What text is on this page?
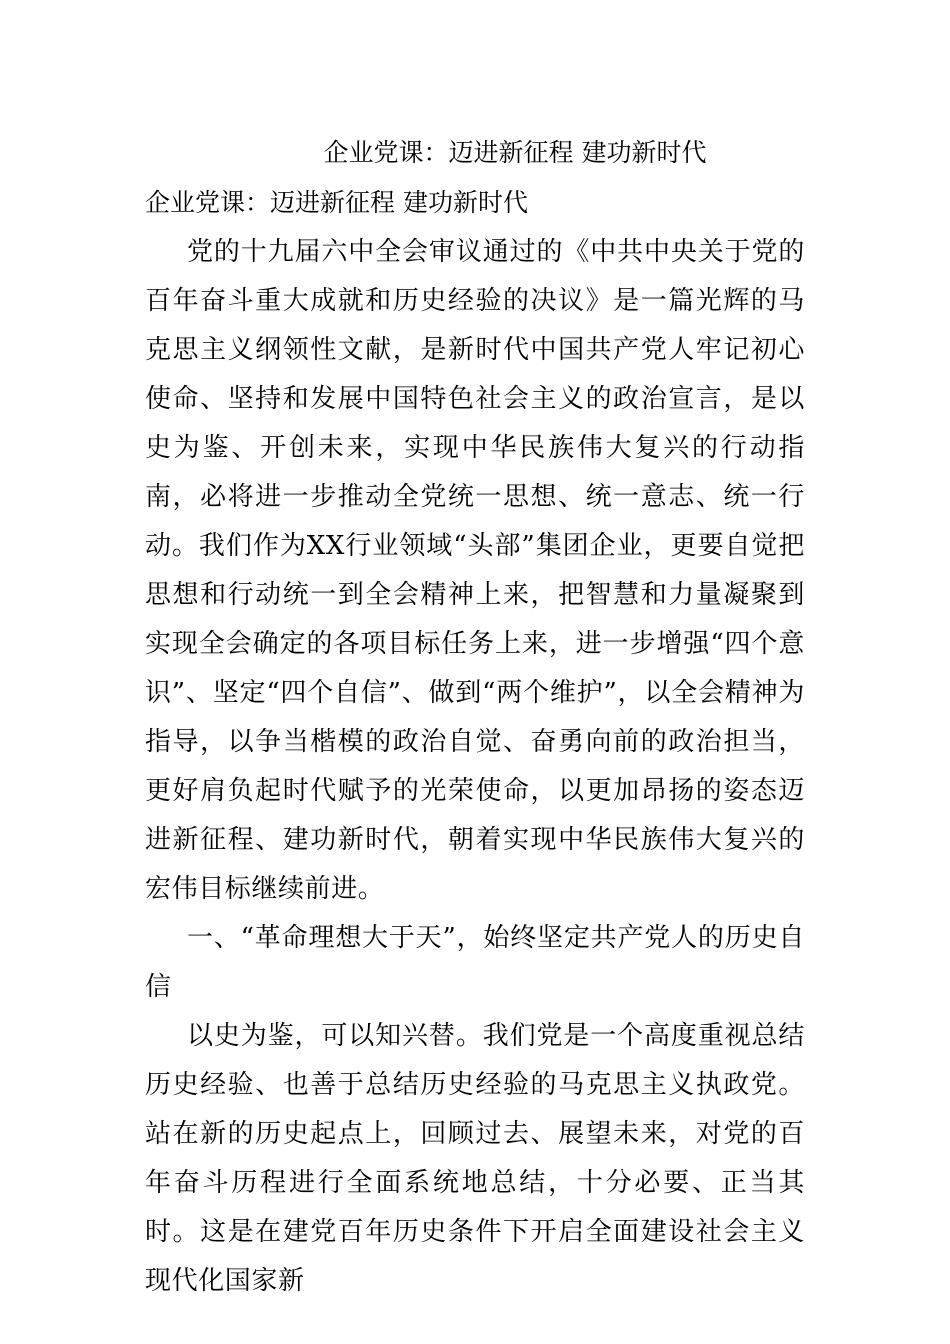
企业党课：迈进新征程 建功新时代
企业党课：迈进新征程 建功新时代

党的十九届六中全会审议通过的《中共中央关于党的百年奋斗重大成就和历史经验的决议》是一篇光辉的马克思主义纲领性文献，是新时代中国共产党人牢记初心使命、坚持和发展中国特色社会主义的政治宣言，是以史为鉴、开创未来，实现中华民族伟大复兴的行动指南，必将进一步推动全党统一思想、统一意志、统一行动。我们作为XX行业领域“头部”集团企业，更要自觉把思想和行动统一到全会精神上来，把智慧和力量凝聚到实现全会确定的各项目标任务上来，进一步增强“四个意识”、坚定“四个自信”、做到“两个维护”，以全会精神为指导，以争当楷模的政治自觉、奋勇向前的政治担当，更好肩负起时代赋予的光荣使命，以更加昂扬的姿态迈进新征程、建功新时代，朝着实现中华民族伟大复兴的宏伟目标继续前进。

一、“革命理想大于天”，始终坚定共产党人的历史自信

以史为鉴，可以知兴替。我们党是一个高度重视总结历史经验、也善于总结历史经验的马克思主义执政党。站在新的历史起点上，回顾过去、展望未来，对党的百年奋斗历程进行全面系统地总结，十分必要、正当其时。这是在建党百年历史条件下开启全面建设社会主义现代化国家新
